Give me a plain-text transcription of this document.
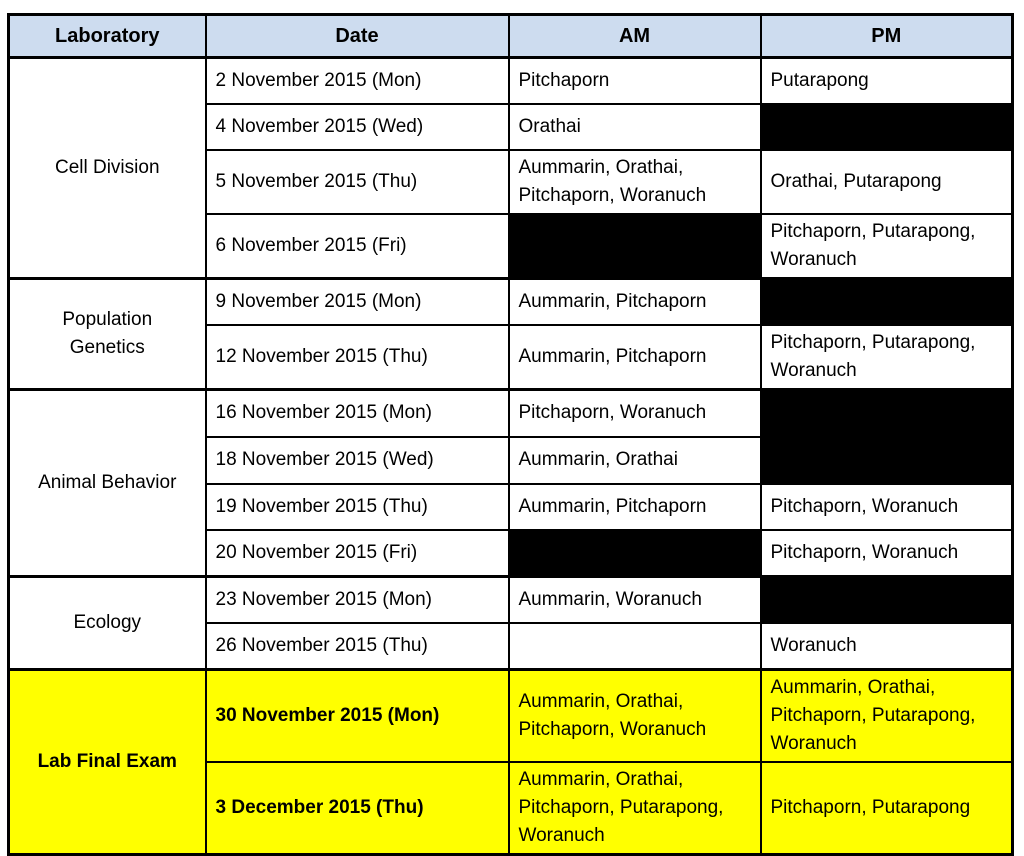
Laboratory	Date	AM	PM
Cell Division	2 November 2015 (Mon)	Pitchaporn	Putarapong
	4 November 2015 (Wed)	Orathai	
	5 November 2015 (Thu)	Aummarin, Orathai, Pitchaporn, Woranuch	Orathai, Putarapong
	6 November 2015 (Fri)		Pitchaporn, Putarapong, Woranuch
Population Genetics	9 November 2015 (Mon)	Aummarin, Pitchaporn	
	12 November 2015 (Thu)	Aummarin, Pitchaporn	Pitchaporn, Putarapong, Woranuch
Animal Behavior	16 November 2015 (Mon)	Pitchaporn, Woranuch	
	18 November 2015 (Wed)	Aummarin, Orathai	
	19 November 2015 (Thu)	Aummarin, Pitchaporn	Pitchaporn, Woranuch
	20 November 2015 (Fri)		Pitchaporn, Woranuch
Ecology	23 November 2015 (Mon)	Aummarin, Woranuch	
	26 November 2015 (Thu)		Woranuch
Lab Final Exam	30 November 2015 (Mon)	Aummarin, Orathai, Pitchaporn, Woranuch	Aummarin, Orathai, Pitchaporn, Putarapong, Woranuch
	3 December 2015 (Thu)	Aummarin, Orathai, Pitchaporn, Putarapong, Woranuch	Pitchaporn, Putarapong
